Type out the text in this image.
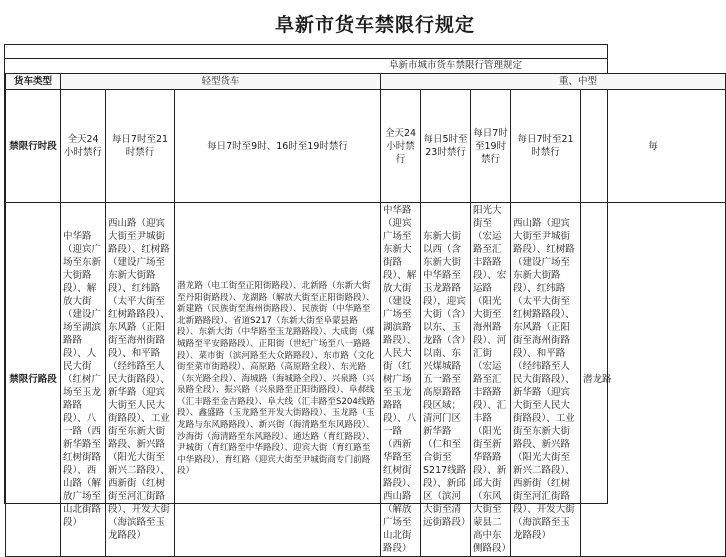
阜新市货车禁限行规定
阜新市城市货车禁限行管理规定
货车类型	轻型货车			重、中型				
禁限行时段	全天24小时禁行	每日7时至21时禁行	每日7时至9时、16时至19时禁行	全天24小时禁行	每日5时至23时禁行	每日7时至19时禁行	每日7时至21时禁行	毎
禁限行路段	中华路（迎宾广场至东新大街路段）、解放大街（建设广场至湖滨路路段）、人民大街（红树广场至玉龙路路段）、八一路（西新华路至红树街路段）、西山路（解放广场至山北街路段）	西山路（迎宾大街至尹城街路段）、红树路（建设广场至东新大街路段）、红纬路（太平大街至红树路路段）、东风路（正阳街至海州街路段）、和平路（经纬路至人民大街路段）、新华路（迎宾大街至人民大街路段）、工业街至东新大街路段、新兴路（阳光大街至新兴二路段）、西新街（红树街至河汇街路段）、开发大街（海滨路至玉龙路段）	潜龙路（电工街至正阳街路段）、北新路（东新大街至丹阳街路段）、龙湖路（解放大街至正阳街路段）、新建路（民族街至海州街路段）、民族街（中华路至北新路路段）、省道S217（东新大街至阜蒙县路段）、东新大街（中华路至玉龙路路段）、大成街（煤城路至平安路路段）、正阳街（世纪广场至八一路路段）、菜市街（滨河路至大众路路段）、东市路（文化街至菜市街路段）、高原路（高原路全段）、东光路（东光路全段）、海城路（海城路全段）、兴泉路（兴泉路全段）、振兴路（兴泉路至正阳街路段）、阜郝线（汇丰路至金吉路段）、阜大线（汇丰路至S204线路段）、鑫盛路（玉龙路至开发大街路段）、玉龙路（玉龙路与东风路路段）、新兴街（海清路至东风路段）、沙海街（海清路至东风路段）、通达路（育红路段）、尹城街（育红路至中华路段）、迎宾大街（育红路至中华路段）、育红路（迎宾大街至尹城街商专门前路段）	中华路（迎宾广场至东新大街路段）、解放大街（建设广场至湖滨路路段）、人民大街（红树广场至玉龙路路段）、八一路（西新华路至红树街路段）、西山路（解放广场至山北街路段）	东新大街以西（含东新大街中华路至玉龙路路段），迎宾大街（含）以东、玉龙路（含）以南、东兴煤城路五一路至高原路路段区域；清河门区新华路（仁和至合街至S217线路段）、新邱区（滨河大街至清远街路段）	阳光大街至（宏运路至汇丰路路段）、宏运路（阳光大街至海州路段）、河汇街（宏运路至汇丰路路段）、汇丰路（阳光街至新华路路段）、新邱大街（东风大街至蒙县二高中东侧路段）	西山路（迎宾大街至尹城街路段）、红树路（建设广场至东新大街路段）、红纬路（太平大街至红树路路段）、东风路（正阳街至海州街路段）、和平路（经纬路至人民大街路段）、新华路（迎宾大街至人民大街路段）、工业街至东新大街路段、新兴路（阳光大街至新兴二路段）、西新街（红树街至河汇街路段）、开发大街（海滨路至玉龙路段）	潜龙路
